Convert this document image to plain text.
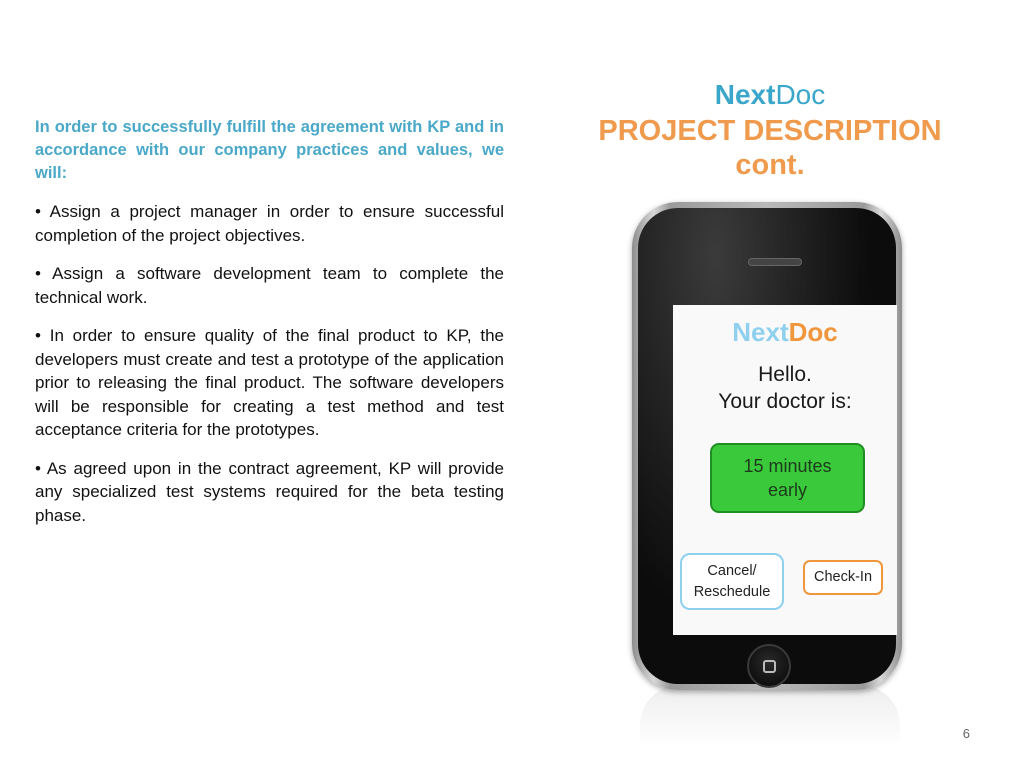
In order to successfully fulfill the agreement with KP and in accordance with our company practices and values, we will:

• Assign a project manager in order to ensure successful completion of the project objectives.

• Assign a software development team to complete the technical work.

• In order to ensure quality of the final product to KP, the developers must create and test a prototype of the application prior to releasing the final product. The software developers will be responsible for creating a test method and test acceptance criteria for the prototypes.

• As agreed upon in the contract agreement, KP will provide any specialized test systems required for the beta testing phase.

NextDoc
PROJECT DESCRIPTION
cont.
NextDoc
Hello.
Your doctor is:
15 minutes
early
Cancel/
Reschedule
Check-In
6
